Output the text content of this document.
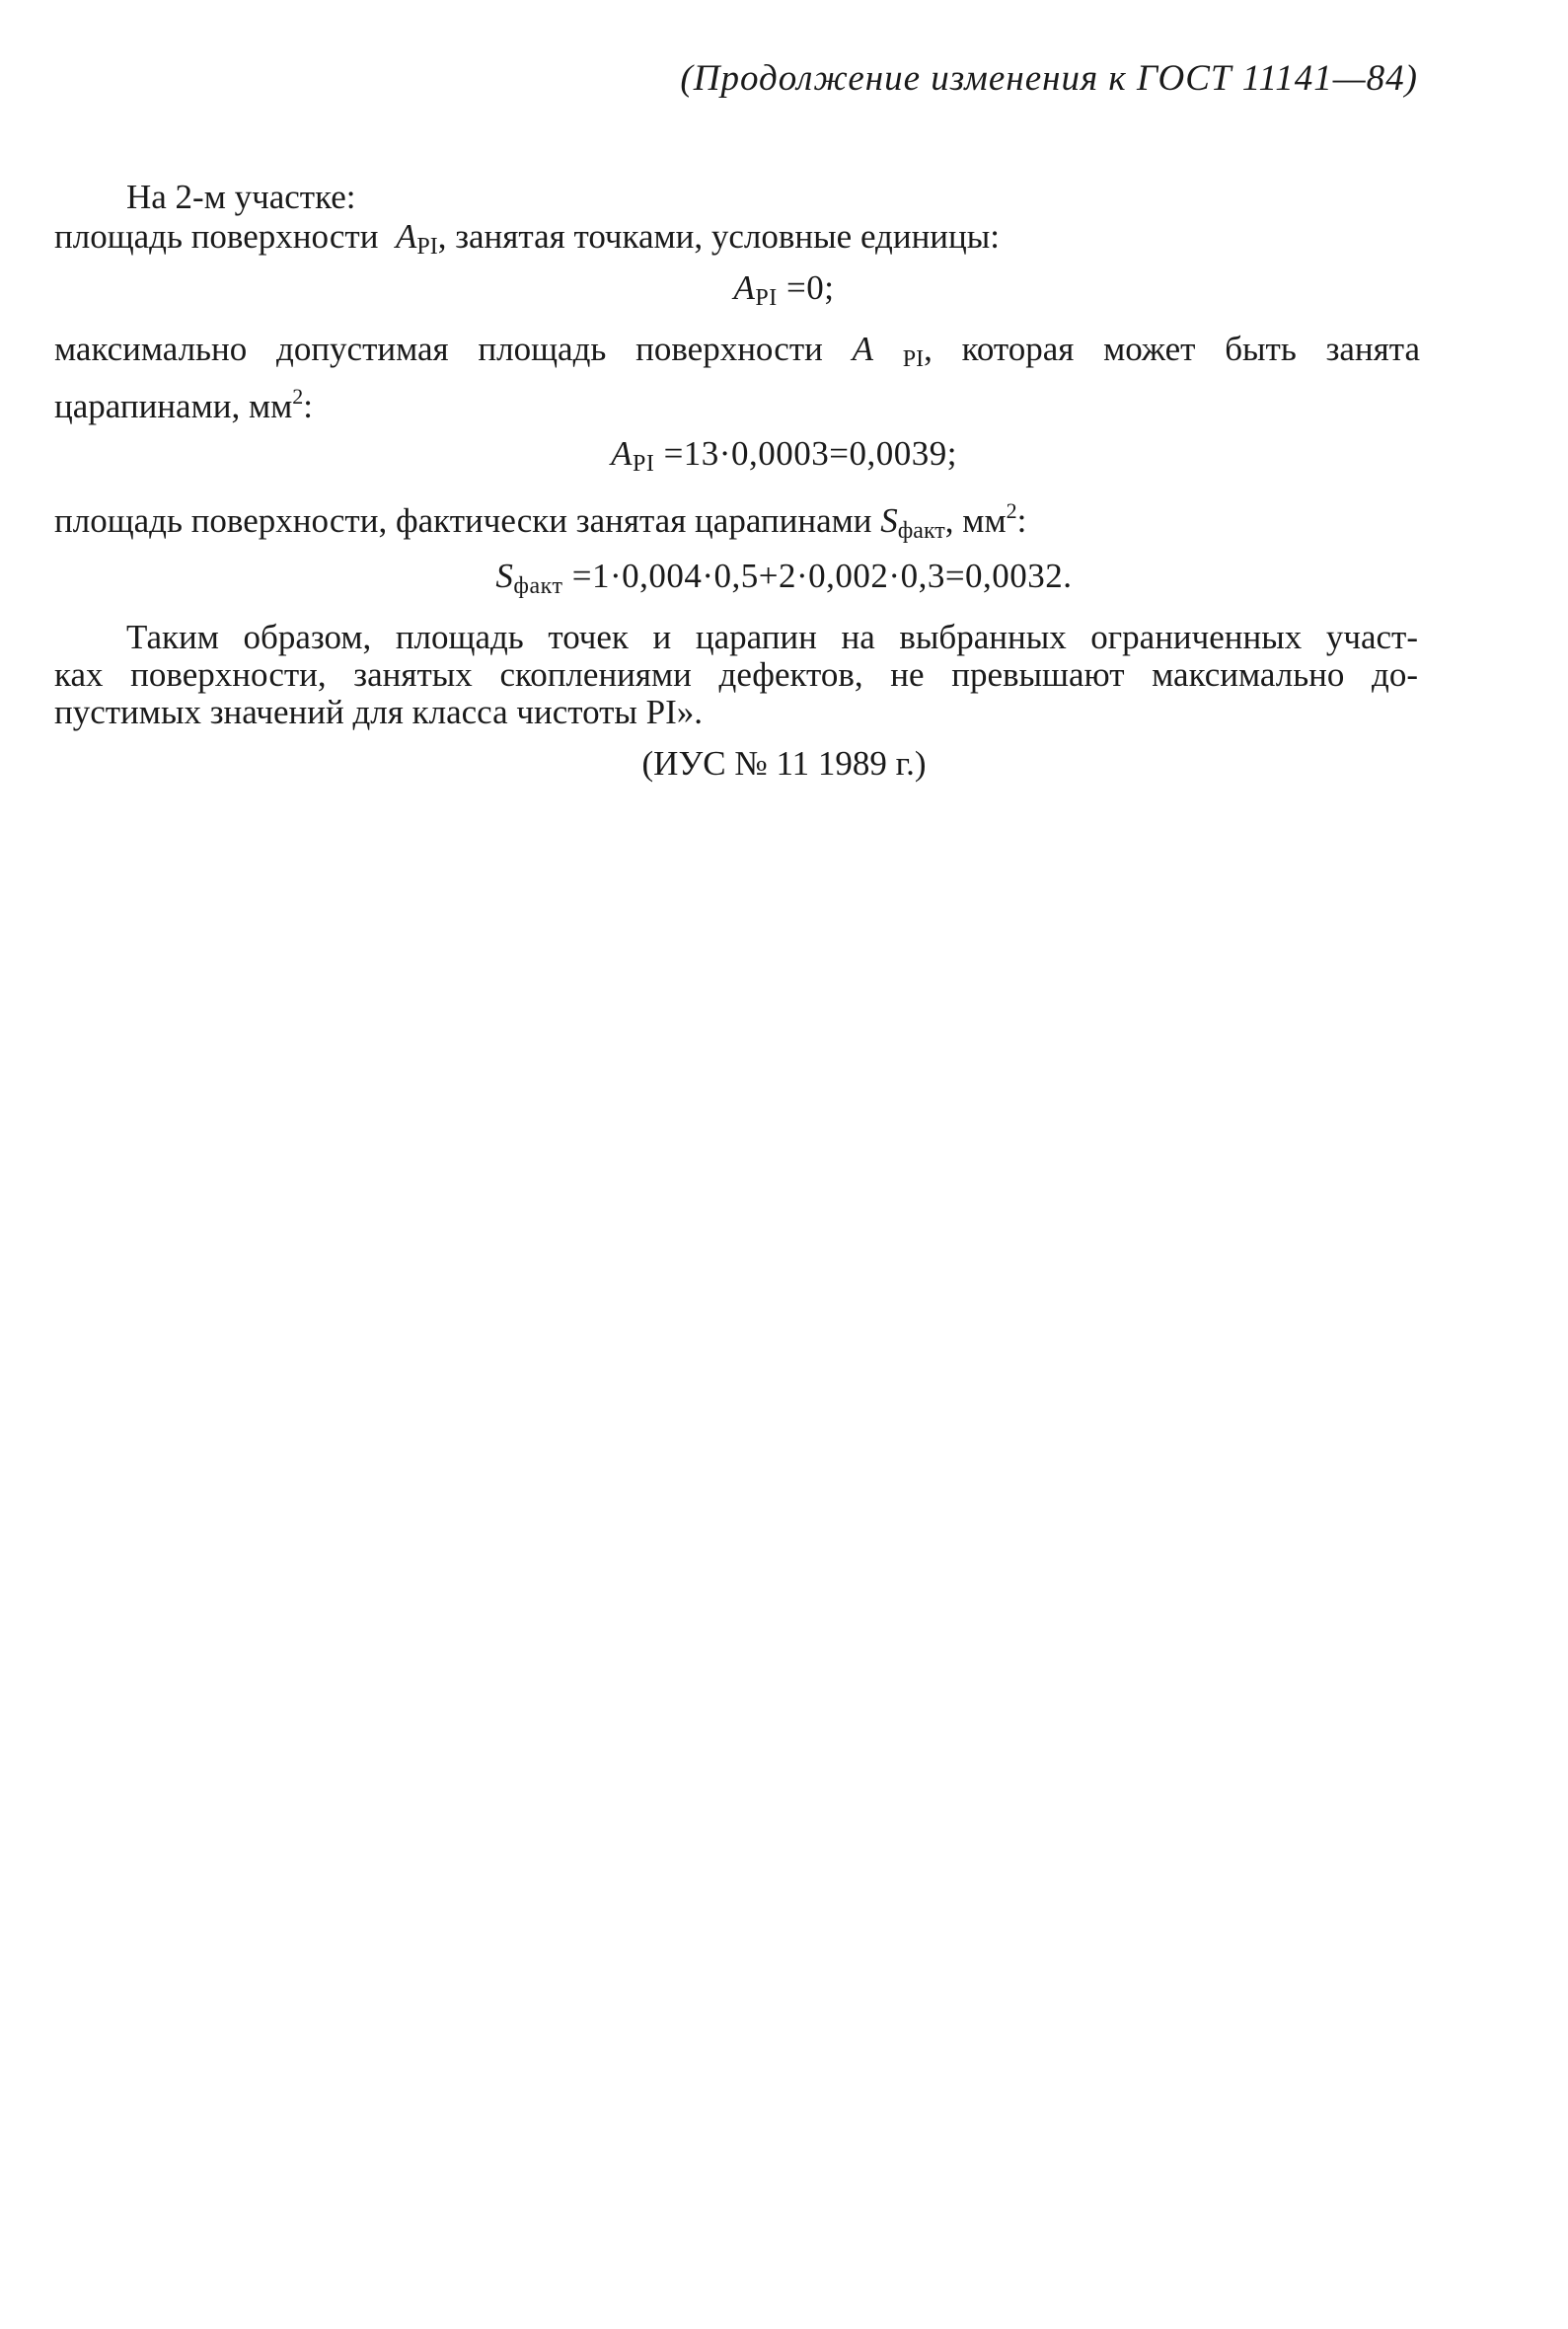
(Продолжение изменения к ГОСТ 11141—84)
На 2-м участке:
площадь поверхности $A_{PI}$, занятая точками, условные единицы:
$A_{PI} =0$;
максимально допустимая площадь поверхности A $_{PI}$, которая может быть занята
царапинами, $мм^2$:
$A_{PI} =13\cdot 0,0003=0,0039$;
площадь поверхности, фактически занятая царапинами $S_{факт}$, $мм^2$:
$S_{факт} =1\cdot 0,004\cdot 0,5+2\cdot 0,002\cdot 0,3=0,0032$.
Таким образом, площадь точек и царапин на выбранных ограниченных участ-
ках поверхности, занятых скоплениями дефектов, не превышают максимально до-
пустимых значений для класса чистоты PI».
(ИУС № 11 1989 г.)
